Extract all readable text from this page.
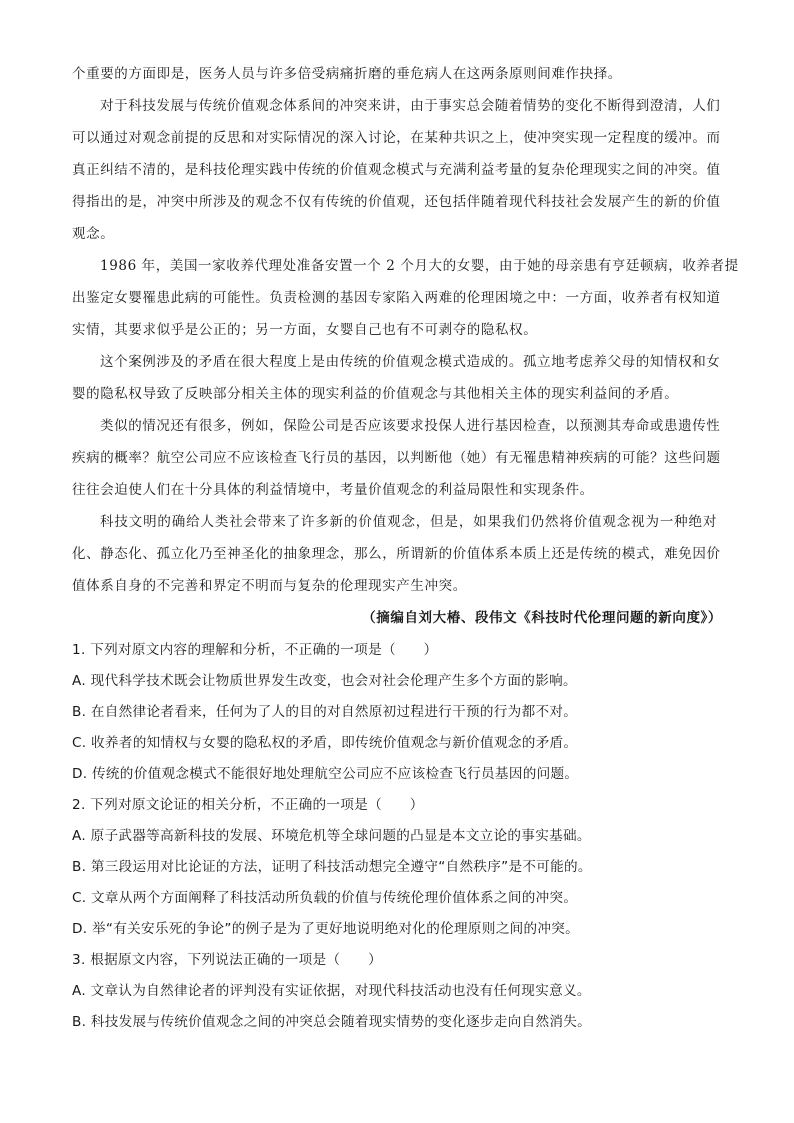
个重要的方面即是，医务人员与许多倍受病痛折磨的垂危病人在这两条原则间难作抉择。
对于科技发展与传统价值观念体系间的冲突来讲，由于事实总会随着情势的变化不断得到澄清，人们
可以通过对观念前提的反思和对实际情况的深入讨论，在某种共识之上，使冲突实现一定程度的缓冲。而
真正纠结不清的，是科技伦理实践中传统的价值观念模式与充满利益考量的复杂伦理现实之间的冲突。值
得指出的是，冲突中所涉及的观念不仅有传统的价值观，还包括伴随着现代科技社会发展产生的新的价值
观念。
1986 年，美国一家收养代理处准备安置一个 2 个月大的女婴，由于她的母亲患有亨廷顿病，收养者提
出鉴定女婴罹患此病的可能性。负责检测的基因专家陷入两难的伦理困境之中：一方面，收养者有权知道
实情，其要求似乎是公正的；另一方面，女婴自己也有不可剥夺的隐私权。
这个案例涉及的矛盾在很大程度上是由传统的价值观念模式造成的。孤立地考虑养父母的知情权和女
婴的隐私权导致了反映部分相关主体的现实利益的价值观念与其他相关主体的现实利益间的矛盾。
类似的情况还有很多，例如，保险公司是否应该要求投保人进行基因检查，以预测其寿命或患遗传性
疾病的概率？航空公司应不应该检查飞行员的基因，以判断他（她）有无罹患精神疾病的可能？这些问题
往往会迫使人们在十分具体的利益情境中，考量价值观念的利益局限性和实现条件。
科技文明的确给人类社会带来了许多新的价值观念，但是，如果我们仍然将价值观念视为一种绝对
化、静态化、孤立化乃至神圣化的抽象理念，那么，所谓新的价值体系本质上还是传统的模式，难免因价
值体系自身的不完善和界定不明而与复杂的伦理现实产生冲突。
（摘编自刘大椿、段伟文《科技时代伦理问题的新向度》）
1. 下列对原文内容的理解和分析，不正确的一项是（　　）
A. 现代科学技术既会让物质世界发生改变，也会对社会伦理产生多个方面的影响。
B. 在自然律论者看来，任何为了人的目的对自然原初过程进行干预的行为都不对。
C. 收养者的知情权与女婴的隐私权的矛盾，即传统价值观念与新价值观念的矛盾。
D. 传统的价值观念模式不能很好地处理航空公司应不应该检查飞行员基因的问题。
2. 下列对原文论证的相关分析，不正确的一项是（　　）
A. 原子武器等高新科技的发展、环境危机等全球问题的凸显是本文立论的事实基础。
B. 第三段运用对比论证的方法，证明了科技活动想完全遵守“自然秩序”是不可能的。
C. 文章从两个方面阐释了科技活动所负载的价值与传统伦理价值体系之间的冲突。
D. 举“有关安乐死的争论”的例子是为了更好地说明绝对化的伦理原则之间的冲突。
3. 根据原文内容，下列说法正确的一项是（　　）
A. 文章认为自然律论者的评判没有实证依据，对现代科技活动也没有任何现实意义。
B. 科技发展与传统价值观念之间的冲突总会随着现实情势的变化逐步走向自然消失。
